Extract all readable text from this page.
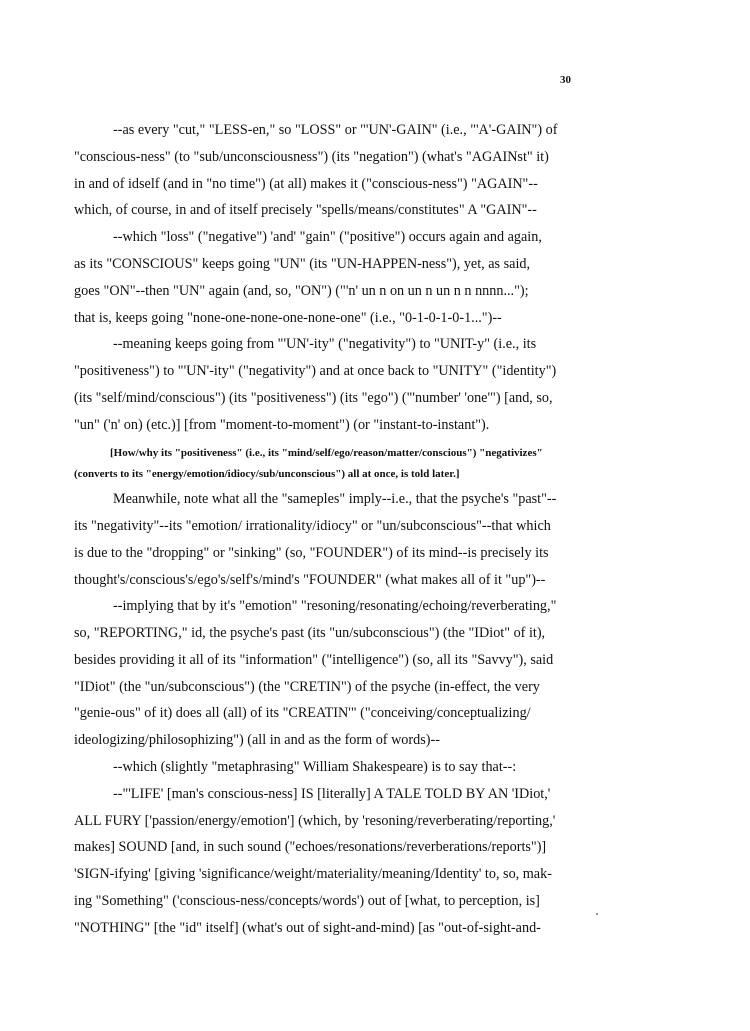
30
--as every "cut," "LESS-en," so "LOSS" or "'UN'-GAIN" (i.e., "'A'-GAIN") of
"conscious-ness" (to "sub/unconsciousness") (its "negation") (what's "AGAINst" it)
in and of idself (and in "no time") (at all) makes it ("conscious-ness") "AGAIN"--
which, of course, in and of itself precisely "spells/means/constitutes" A "GAIN"--
--which "loss" ("negative") 'and' "gain" ("positive") occurs again and again,
as its "CONSCIOUS" keeps going "UN" (its "UN-HAPPEN-ness"), yet, as said,
goes "ON"--then "UN" again (and, so, "ON") ("'n' un n on un n un n n nnnn...");
that is, keeps going "none-one-none-one-none-one" (i.e., "0-1-0-1-0-1...")--
--meaning keeps going from "'UN'-ity" ("negativity") to "UNIT-y" (i.e., its
"positiveness") to "'UN'-ity" ("negativity") and at once back to "UNITY" ("identity")
(its "self/mind/conscious") (its "positiveness") (its "ego") ("'number' 'one'") [and, so,
"un" ('n' on) (etc.)] [from "moment-to-moment") (or "instant-to-instant").
[How/why its "positiveness" (i.e., its "mind/self/ego/reason/matter/conscious") "negativizes"
(converts to its "energy/emotion/idiocy/sub/unconscious") all at once, is told later.]
Meanwhile, note what all the "sameples" imply--i.e., that the psyche's "past"--
its "negativity"--its "emotion/ irrationality/idiocy" or "un/subconscious"--that which
is due to the "dropping" or "sinking" (so, "FOUNDER") of its mind--is precisely its
thought's/conscious's/ego's/self's/mind's "FOUNDER" (what makes all of it "up")--
--implying that by it's "emotion" "resoning/resonating/echoing/reverberating,"
so, "REPORTING," id, the psyche's past (its "un/subconscious") (the "IDiot" of it),
besides providing it all of its "information" ("intelligence") (so, all its "Savvy"), said
"IDiot" (the "un/subconscious") (the "CRETIN") of the psyche (in-effect, the very
"genie-ous" of it) does all (all) of its "CREATIN'" ("conceiving/conceptualizing/
ideologizing/philosophizing") (all in and as the form of words)--
--which (slightly "metaphrasing" William Shakespeare) is to say that--:
--"'LIFE' [man's conscious-ness] IS [literally] A TALE TOLD BY AN 'IDiot,'
ALL FURY ['passion/energy/emotion'] (which, by 'resoning/reverberating/reporting,'
makes] SOUND [and, in such sound ("echoes/resonations/reverberations/reports")]
'SIGN-ifying' [giving 'significance/weight/materiality/meaning/Identity' to, so, mak-
ing "Something" ('conscious-ness/concepts/words') out of [what, to perception, is]
"NOTHING" [the "id" itself] (what's out of sight-and-mind) [as "out-of-sight-and-
